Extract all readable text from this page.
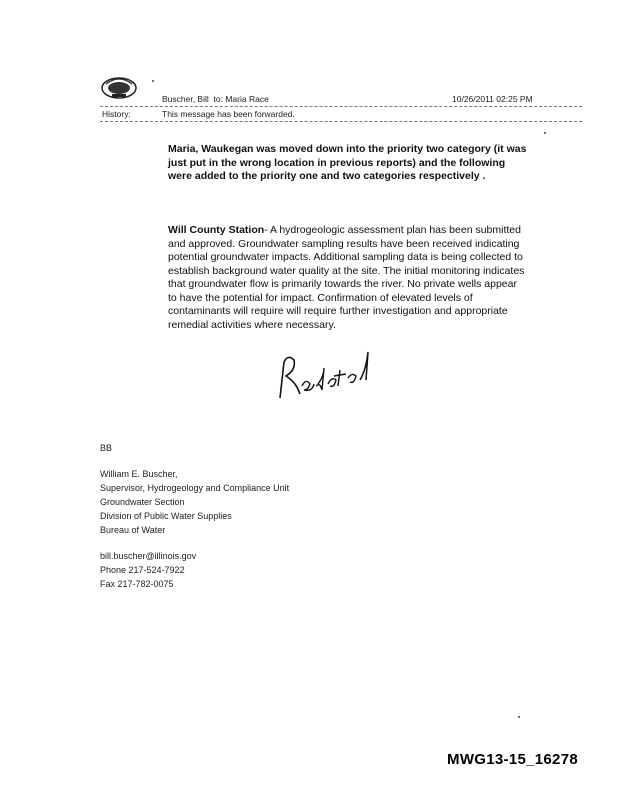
Buscher, Bill to: Maria Race	10/26/2011 02:25 PM
History:	This message has been forwarded.
Maria, Waukegan was moved down into the priority two category (it was just put in the wrong location in previous reports) and the following were added to the priority one and two categories respectively .
Will County Station- A hydrogeologic assessment plan has been submitted and approved. Groundwater sampling results have been received indicating potential groundwater impacts. Additional sampling data is being collected to establish background water quality at the site. The initial monitoring indicates that groundwater flow is primarily towards the river. No private wells appear to have the potential for impact. Confirmation of elevated levels of contaminants will require will require further investigation and appropriate remedial activities where necessary.
BB
William E. Buscher,
Supervisor, Hydrogeology and Compliance Unit
Groundwater Section
Division of Public Water Supplies
Bureau of Water
bill.buscher@illinois.gov
Phone 217-524-7922
Fax 217-782-0075
MWG13-15_16278
